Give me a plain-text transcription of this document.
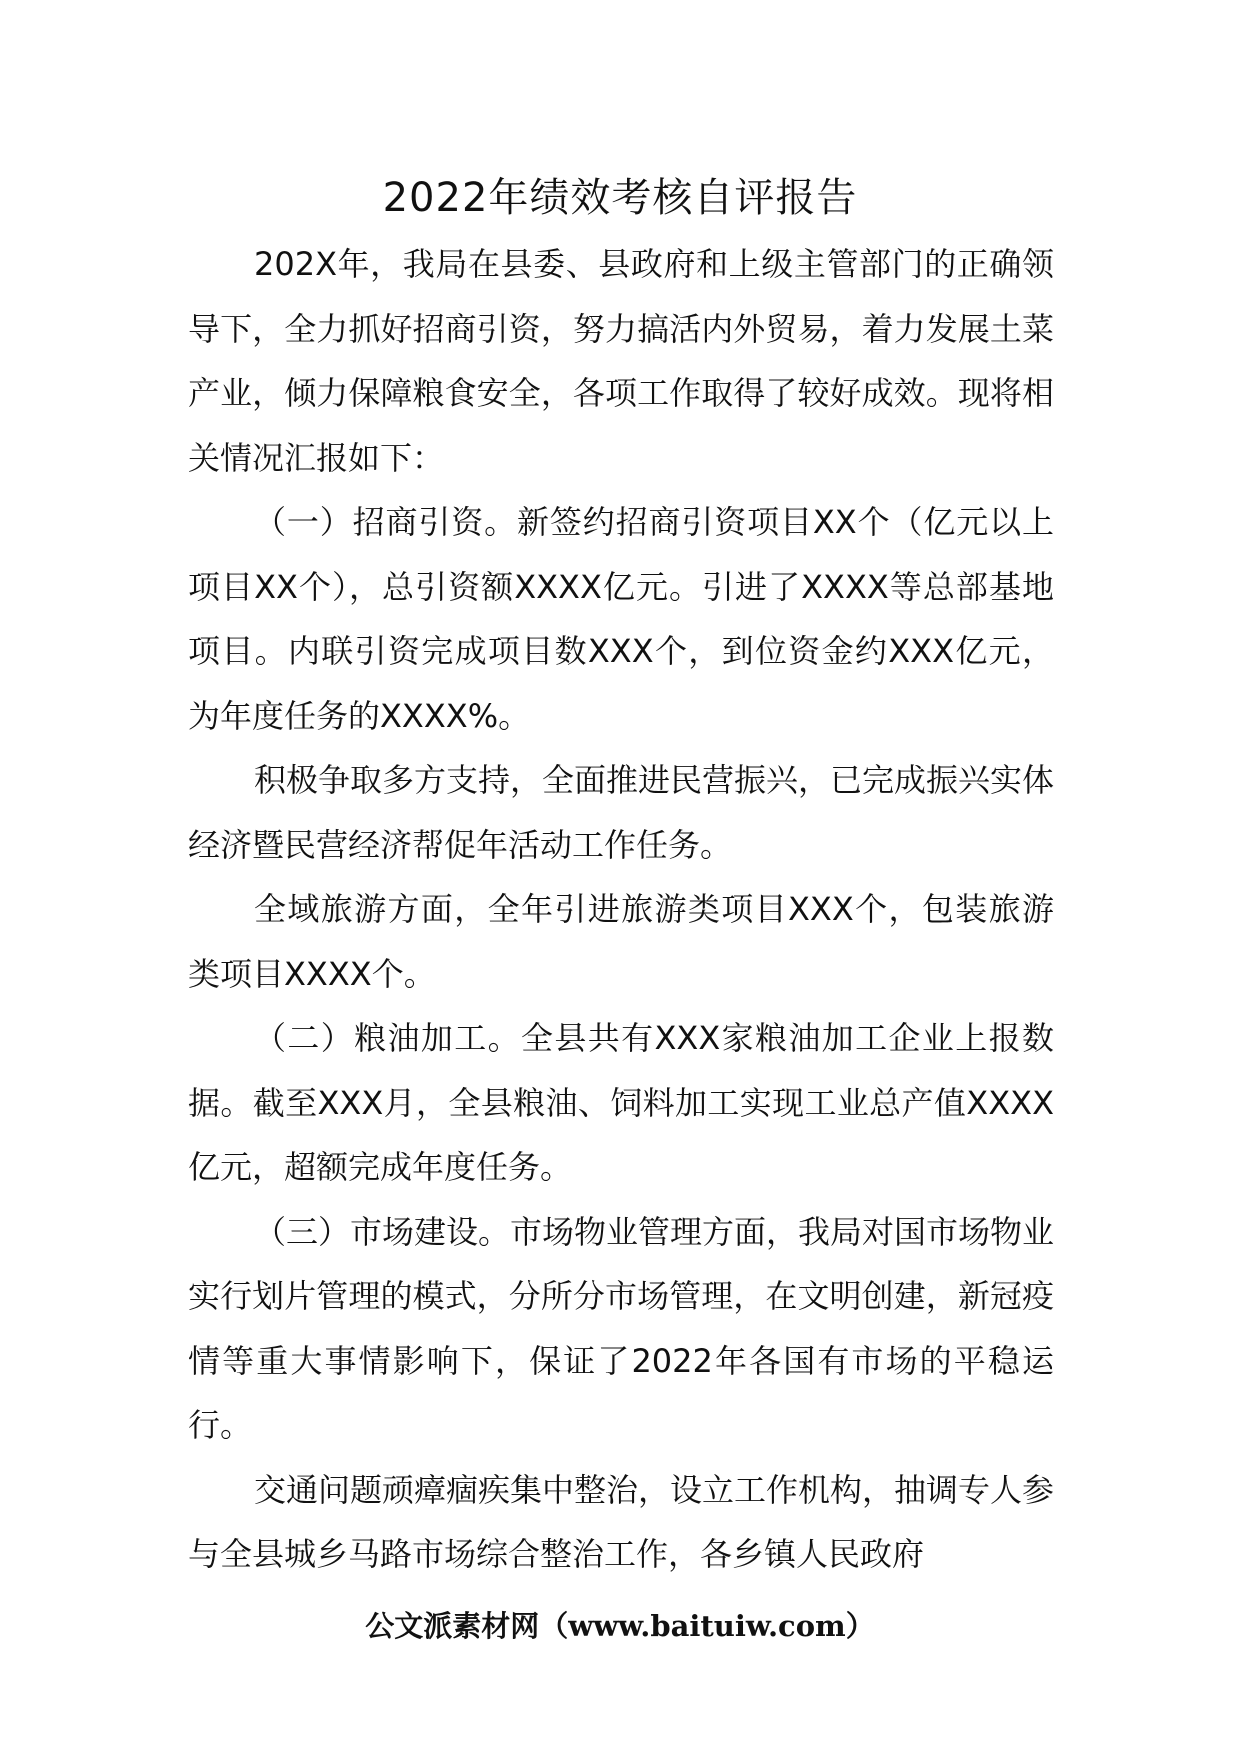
2022年绩效考核自评报告

202X年，我局在县委、县政府和上级主管部门的正确领导下，全力抓好招商引资，努力搞活内外贸易，着力发展土菜产业，倾力保障粮食安全，各项工作取得了较好成效。现将相关情况汇报如下：

（一）招商引资。新签约招商引资项目XX个（亿元以上项目XX个），总引资额XXXX亿元。引进了XXXX等总部基地项目。内联引资完成项目数XXX个，到位资金约XXX亿元，为年度任务的XXXX%。

积极争取多方支持，全面推进民营振兴，已完成振兴实体经济暨民营经济帮促年活动工作任务。

全域旅游方面，全年引进旅游类项目XXX个，包装旅游类项目XXXX个。

（二）粮油加工。全县共有XXX家粮油加工企业上报数据。截至XXX月，全县粮油、饲料加工实现工业总产值XXXX亿元，超额完成年度任务。

（三）市场建设。市场物业管理方面，我局对国市场物业实行划片管理的模式，分所分市场管理，在文明创建，新冠疫情等重大事情影响下，保证了2022年各国有市场的平稳运行。

交通问题顽瘴痼疾集中整治，设立工作机构，抽调专人参与全县城乡马路市场综合整治工作，各乡镇人民政府

公文派素材网（www.baituiw.com）
